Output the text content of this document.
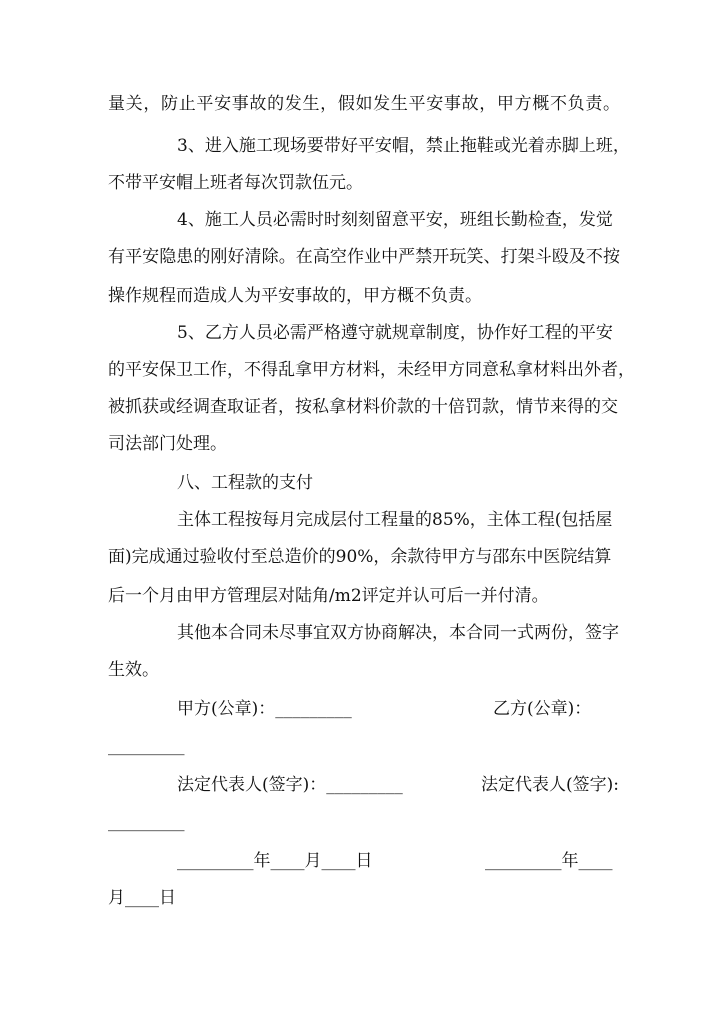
量关，防止平安事故的发生，假如发生平安事故，甲方概不负责。
3、进入施工现场要带好平安帽，禁止拖鞋或光着赤脚上班，
不带平安帽上班者每次罚款伍元。
4、施工人员必需时时刻刻留意平安，班组长勤检查，发觉
有平安隐患的刚好清除。在高空作业中严禁开玩笑、打架斗殴及不按
操作规程而造成人为平安事故的，甲方概不负责。
5、乙方人员必需严格遵守就规章制度，协作好工程的平安
的平安保卫工作，不得乱拿甲方材料，未经甲方同意私拿材料出外者，
被抓获或经调查取证者，按私拿材料价款的十倍罚款，情节来得的交
司法部门处理。
八、工程款的支付
主体工程按每月完成层付工程量的85%，主体工程(包括屋
面)完成通过验收付至总造价的90%，余款待甲方与邵东中医院结算
后一个月由甲方管理层对陆角/m2评定并认可后一并付清。
其他本合同未尽事宜双方协商解决，本合同一式两份，签字
生效。
甲方(公章)：_________	乙方(公章)：
_________
法定代表人(签字)：_________	法定代表人(签字):
_________
_________年____月____日	_________年____
月____日
